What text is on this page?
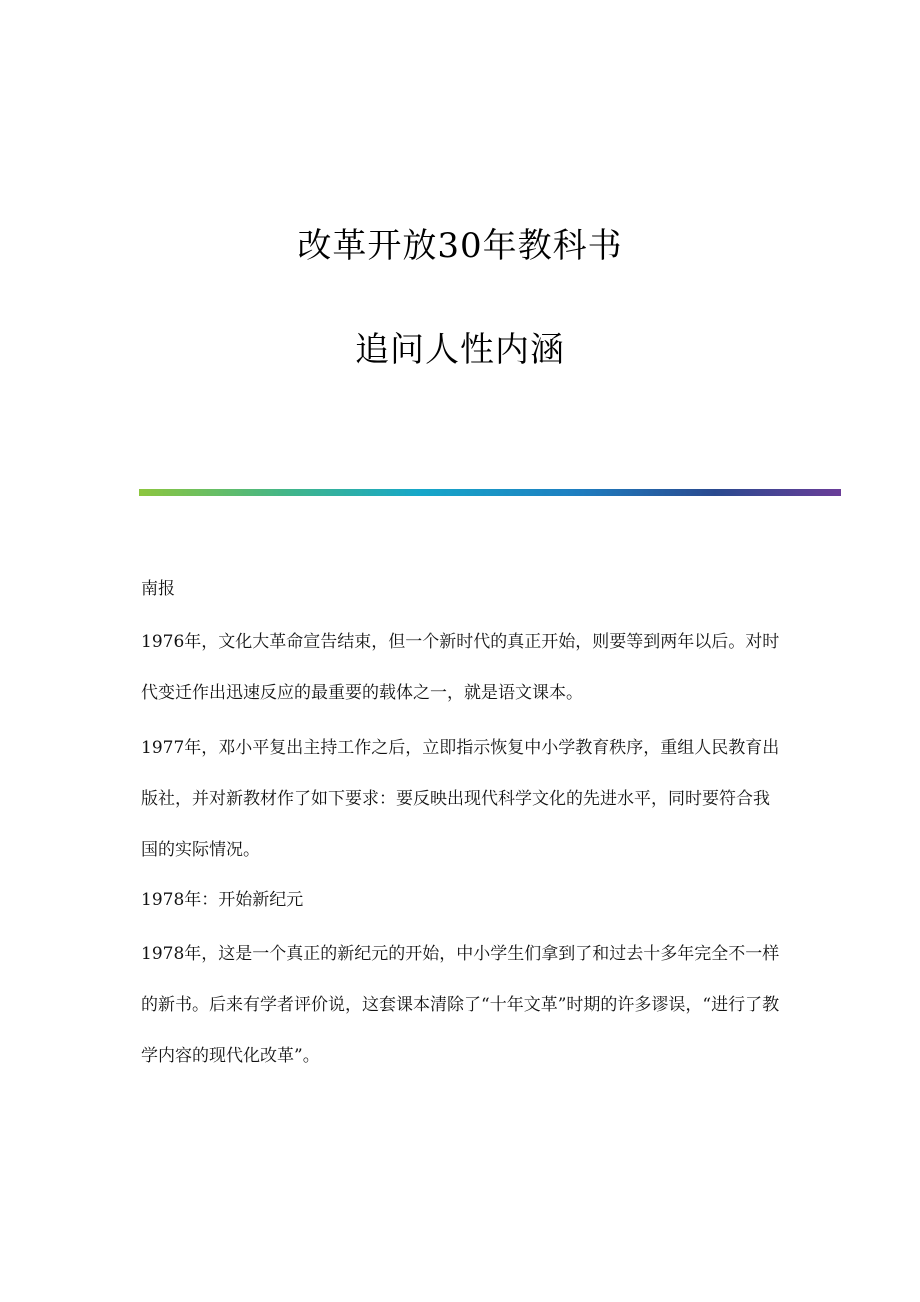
改革开放30年教科书
追问人性内涵
南报

1976年，文化大革命宣告结束，但一个新时代的真正开始，则要等到两年以后。对时代变迁作出迅速反应的最重要的载体之一，就是语文课本。

1977年，邓小平复出主持工作之后，立即指示恢复中小学教育秩序，重组人民教育出版社，并对新教材作了如下要求：要反映出现代科学文化的先进水平，同时要符合我国的实际情况。

1978年：开始新纪元

1978年，这是一个真正的新纪元的开始，中小学生们拿到了和过去十多年完全不一样的新书。后来有学者评价说，这套课本清除了“十年文革”时期的许多谬误，“进行了教学内容的现代化改革”。
